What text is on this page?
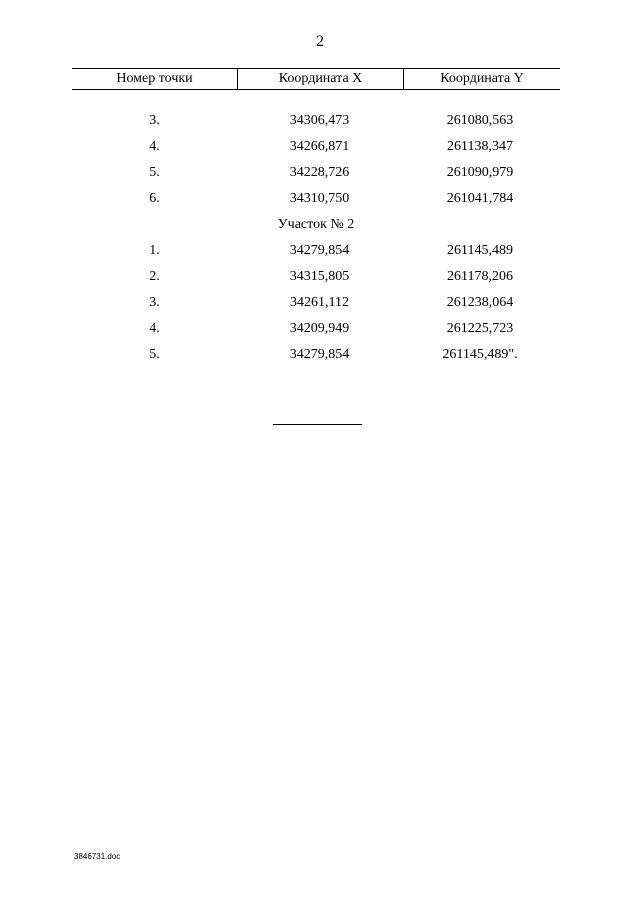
2
Номер точки	Координата X	Координата Y
3.	34306,473	261080,563
4.	34266,871	261138,347
5.	34228,726	261090,979
6.	34310,750	261041,784
Участок № 2
1.	34279,854	261145,489
2.	34315,805	261178,206
3.	34261,112	261238,064
4.	34209,949	261225,723
5.	34279,854	261145,489".
3846731.doc
